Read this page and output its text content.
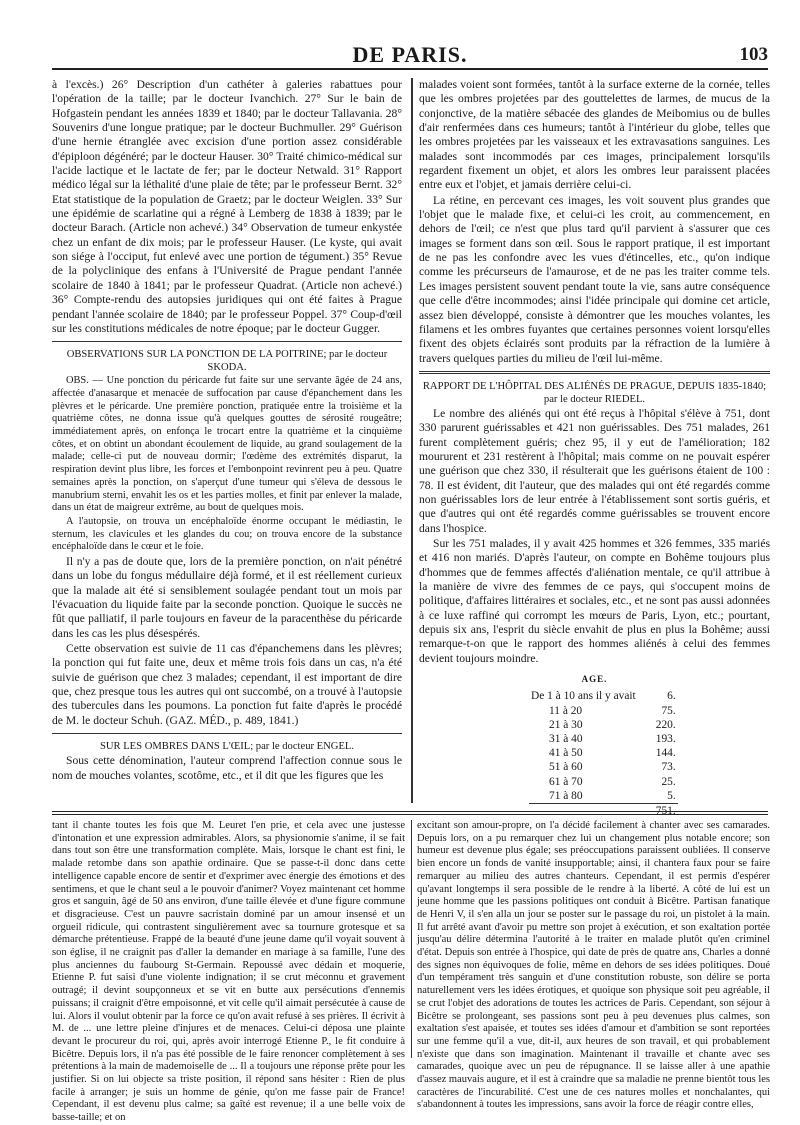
DE PARIS.	103

à l'excès.) 26° Description d'un cathéter à galeries rabattues pour l'opération de la taille; par le docteur Ivanchich. 27° Sur le bain de Hofgastein pendant les années 1839 et 1840; par le docteur Tallavania. 28° Souvenirs d'une longue pratique; par le docteur Buchmuller. 29° Guérison d'une hernie étranglée avec excision d'une portion assez considérable d'épiploon dégénéré; par le docteur Hauser. 30° Traité chimico-médical sur l'acide lactique et le lactate de fer; par le docteur Netwald. 31° Rapport médico légal sur la léthalité d'une plaie de tête; par le professeur Bernt. 32° Etat statistique de la population de Graetz; par le docteur Weiglen. 33° Sur une épidémie de scarlatine qui a régné à Lemberg de 1838 à 1839; par le docteur Barach. (Article non achevé.) 34° Observation de tumeur enkystée chez un enfant de dix mois; par le professeur Hauser. (Le kyste, qui avait son siége à l'occiput, fut enlevé avec une portion de tégument.) 35° Revue de la polyclinique des enfans à l'Université de Prague pendant l'année scolaire de 1840 à 1841; par le professeur Quadrat. (Article non achevé.) 36° Compte-rendu des autopsies juridiques qui ont été faites à Prague pendant l'année scolaire de 1840; par le professeur Poppel. 37° Coup-d'œil sur les constitutions médicales de notre époque; par le docteur Gugger.

OBSERVATIONS SUR LA PONCTION DE LA POITRINE; par le docteur SKODA.

OBS. — Une ponction du péricarde fut faite sur une servante âgée de 24 ans, affectée d'anasarque et menacée de suffocation par cause d'épanchement dans les plèvres et le péricarde. Une première ponction, pratiquée entre la troisième et la quatrième côtes, ne donna issue qu'à quelques gouttes de sérosité rougeâtre; immédiatement après, on enfonça le trocart entre la quatrième et la cinquième côtes, et on obtint un abondant écoulement de liquide, au grand soulagement de la malade; celle-ci put de nouveau dormir; l'œdème des extrémités disparut, la respiration devint plus libre, les forces et l'embonpoint revinrent peu à peu. Quatre semaines après la ponction, on s'aperçut d'une tumeur qui s'éleva de dessous le manubrium sterni, envahit les os et les parties molles, et finit par enlever la malade, dans un état de maigreur extrême, au bout de quelques mois.

A l'autopsie, on trouva un encéphaloïde énorme occupant le médiastin, le sternum, les clavicules et les glandes du cou; on trouva encore de la substance encéphaloïde dans le cœur et le foie.

Il n'y a pas de doute que, lors de la première ponction, on n'ait pénétré dans un lobe du fongus médullaire déjà formé, et il est réellement curieux que la malade ait été si sensiblement soulagée pendant tout un mois par l'évacuation du liquide faite par la seconde ponction. Quoique le succès ne fût que palliatif, il parle toujours en faveur de la paracenthèse du péricarde dans les cas les plus désespérés.

Cette observation est suivie de 11 cas d'épanchemens dans les plèvres; la ponction qui fut faite une, deux et même trois fois dans un cas, n'a été suivie de guérison que chez 3 malades; cependant, il est important de dire que, chez presque tous les autres qui ont succombé, on a trouvé à l'autopsie des tubercules dans les poumons. La ponction fut faite d'après le procédé de M. le docteur Schuh. (GAZ. MÉD., p. 489, 1841.)

SUR LES OMBRES DANS L'ŒIL; par le docteur ENGEL.

Sous cette dénomination, l'auteur comprend l'affection connue sous le nom de mouches volantes, scotôme, etc., et il dit que les figures que les

malades voient sont formées, tantôt à la surface externe de la cornée, telles que les ombres projetées par des gouttelettes de larmes, de mucus de la conjonctive, de la matière sébacée des glandes de Meibomius ou de bulles d'air renfermées dans ces humeurs; tantôt à l'intérieur du globe, telles que les ombres projetées par les vaisseaux et les extravasations sanguines. Les malades sont incommodés par ces images, principalement lorsqu'ils regardent fixement un objet, et alors les ombres leur paraissent placées entre eux et l'objet, et jamais derrière celui-ci.

La rétine, en percevant ces images, les voit souvent plus grandes que l'objet que le malade fixe, et celui-ci les croit, au commencement, en dehors de l'œil; ce n'est que plus tard qu'il parvient à s'assurer que ces images se forment dans son œil. Sous le rapport pratique, il est important de ne pas les confondre avec les vues d'étincelles, etc., qu'on indique comme les précurseurs de l'amaurose, et de ne pas les traiter comme tels. Les images persistent souvent pendant toute la vie, sans autre conséquence que celle d'être incommodes; ainsi l'idée principale qui domine cet article, assez bien développé, consiste à démontrer que les mouches volantes, les filamens et les ombres fuyantes que certaines personnes voient lorsqu'elles fixent des objets éclairés sont produits par la réfraction de la lumière à travers quelques parties du milieu de l'œil lui-même.

RAPPORT DE L'HÔPITAL DES ALIÉNÉS DE PRAGUE, DEPUIS 1835-1840; par le docteur RIEDEL.

Le nombre des aliénés qui ont été reçus à l'hôpital s'élève à 751, dont 330 parurent guérissables et 421 non guérissables. Des 751 malades, 261 furent complètement guéris; chez 95, il y eut de l'amélioration; 182 moururent et 231 restèrent à l'hôpital; mais comme on ne pouvait espérer une guérison que chez 330, il résulterait que les guérisons étaient de 100 : 78. Il est évident, dit l'auteur, que des malades qui ont été regardés comme non guérissables lors de leur entrée à l'établissement sont sortis guéris, et que d'autres qui ont été regardés comme guérissables se trouvent encore dans l'hospice.

Sur les 751 malades, il y avait 425 hommes et 326 femmes, 335 mariés et 416 non mariés. D'après l'auteur, on compte en Bohême toujours plus d'hommes que de femmes affectés d'aliénation mentale, ce qu'il attribue à la manière de vivre des femmes de ce pays, qui s'occupent moins de politique, d'affaires littéraires et sociales, etc., et ne sont pas aussi adonnées à ce luxe raffiné qui corrompt les mœurs de Paris, Lyon, etc.; pourtant, depuis six ans, l'esprit du siècle envahit de plus en plus la Bohême; aussi remarque-t-on que le rapport des hommes aliénés à celui des femmes devient toujours moindre.

AGE.
De 1 à 10 ans il y avait	6.
11 à 20	75.
21 à 30	220.
31 à 40	193.
41 à 50	144.
51 à 60	73.
61 à 70	25.
71 à 80	5.
	751.

tant il chante toutes les fois que M. Leuret l'en prie, et cela avec une justesse d'intonation et une expression admirables. Alors, sa physionomie s'anime, il se fait dans tout son être une transformation complète. Mais, lorsque le chant est fini, le malade retombe dans son apathie ordinaire. Que se passe-t-il donc dans cette intelligence capable encore de sentir et d'exprimer avec énergie des émotions et des sentimens, et que le chant seul a le pouvoir d'animer? Voyez maintenant cet homme gros et sanguin, âgé de 50 ans environ, d'une taille élevée et d'une figure commune et disgracieuse. C'est un pauvre sacristain dominé par un amour insensé et un orgueil ridicule, qui contrastent singulièrement avec sa tournure grotesque et sa démarche prétentieuse. Frappé de la beauté d'une jeune dame qu'il voyait souvent à son église, il ne craignit pas d'aller la demander en mariage à sa famille, l'une des plus anciennes du faubourg St-Germain. Repoussé avec dédain et moquerie, Etienne P. fut saisi d'une violente indignation; il se crut méconnu et gravement outragé; il devint soupçonneux et se vit en butte aux persécutions d'ennemis puissans; il craignit d'être empoisonné, et vit celle qu'il aimait persécutée à cause de lui. Alors il voulut obtenir par la force ce qu'on avait refusé à ses prières. Il écrivit à M. de ... une lettre pleine d'injures et de menaces. Celui-ci déposa une plainte devant le procureur du roi, qui, après avoir interrogé Etienne P., le fit conduire à Bicêtre. Depuis lors, il n'a pas été possible de le faire renoncer complètement à ses prétentions à la main de mademoiselle de ... Il a toujours une réponse prête pour les justifier. Si on lui objecte sa triste position, il répond sans hésiter : Rien de plus facile à arranger; je suis un homme de génie, qu'on me fasse pair de France! Cependant, il est devenu plus calme; sa gaîté est revenue; il a une belle voix de basse-taille; et on

excitant son amour-propre, on l'a décidé facilement à chanter avec ses camarades. Depuis lors, on a pu remarquer chez lui un changement plus notable encore; son humeur est devenue plus égale; ses préoccupations paraissent oubliées. Il conserve bien encore un fonds de vanité insupportable; ainsi, il chantera faux pour se faire remarquer au milieu des autres chanteurs. Cependant, il est permis d'espérer qu'avant longtemps il sera possible de le rendre à la liberté. A côté de lui est un jeune homme que les passions politiques ont conduit à Bicêtre. Partisan fanatique de Henri V, il s'en alla un jour se poster sur le passage du roi, un pistolet à la main. Il fut arrêté avant d'avoir pu mettre son projet à exécution, et son exaltation portée jusqu'au délire détermina l'autorité à le traiter en malade plutôt qu'en criminel d'état. Depuis son entrée à l'hospice, qui date de près de quatre ans, Charles a donné des signes non équivoques de folie, même en dehors de ses idées politiques. Doué d'un tempérament très sanguin et d'une constitution robuste, son délire se porta naturellement vers les idées érotiques, et quoique son physique soit peu agréable, il se crut l'objet des adorations de toutes les actrices de Paris. Cependant, son séjour à Bicêtre se prolongeant, ses passions sont peu à peu devenues plus calmes, son exaltation s'est apaisée, et toutes ses idées d'amour et d'ambition se sont reportées sur une femme qu'il a vue, dit-il, aux heures de son travail, et qui probablement n'existe que dans son imagination. Maintenant il travaille et chante avec ses camarades, quoique avec un peu de répugnance. Il se laisse aller à une apathie d'assez mauvais augure, et il est à craindre que sa maladie ne prenne bientôt tous les caractères de l'incurabilité. C'est une de ces natures molles et nonchalantes, qui s'abandonnent à toutes les impressions, sans avoir la force de réagir contre elles,
